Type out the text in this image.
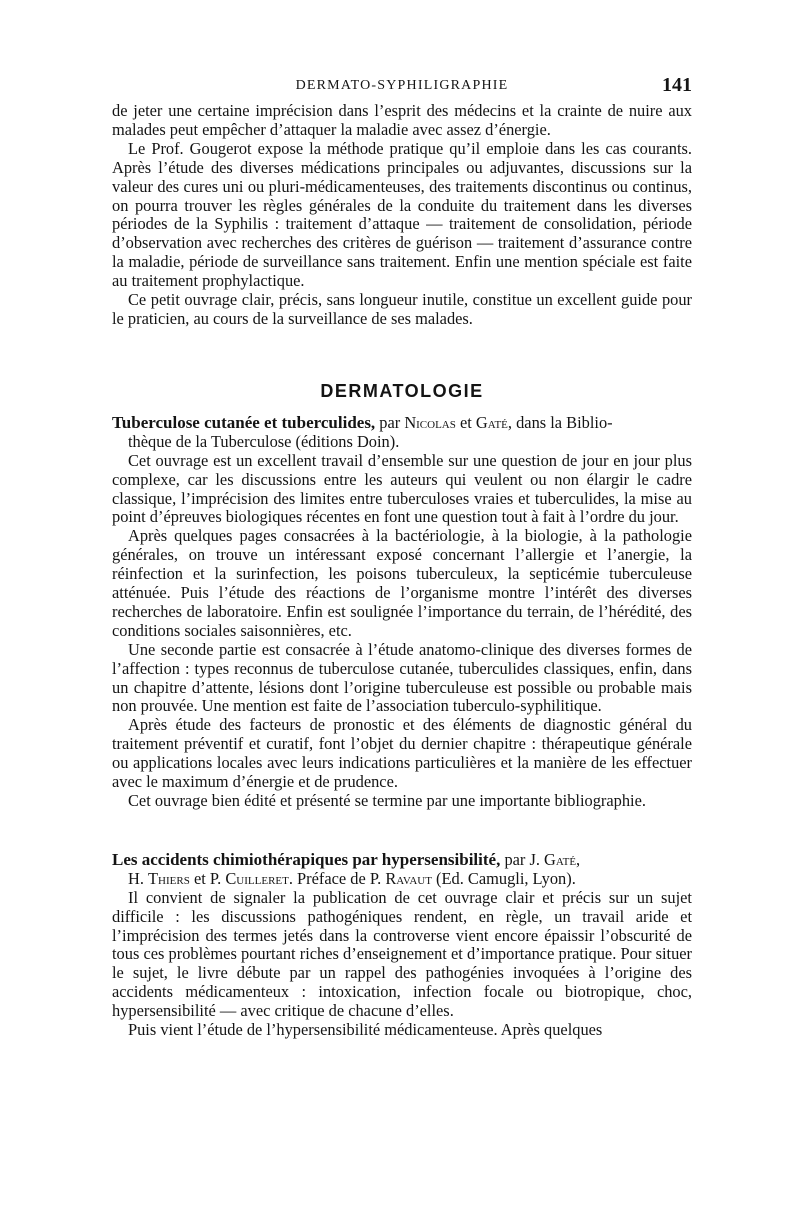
DERMATO-SYPHILIGRAPHIE	141

de jeter une certaine imprécision dans l’esprit des médecins et la crainte de nuire aux malades peut empêcher d’attaquer la maladie avec assez d’énergie.

Le Prof. Gougerot expose la méthode pratique qu’il emploie dans les cas courants. Après l’étude des diverses médications principales ou adjuvantes, discussions sur la valeur des cures uni ou pluri-médicamenteuses, des traitements discontinus ou continus, on pourra trouver les règles générales de la conduite du traitement dans les diverses périodes de la Syphilis : traitement d’attaque — traitement de consolidation, période d’observation avec recherches des critères de guérison — traitement d’assurance contre la maladie, période de surveillance sans traitement. Enfin une mention spéciale est faite au traitement prophylactique.

Ce petit ouvrage clair, précis, sans longueur inutile, constitue un excellent guide pour le praticien, au cours de la surveillance de ses malades.

DERMATOLOGIE

Tuberculose cutanée et tuberculides, par Nicolas et Gaté, dans la Biblio-
thèque de la Tuberculose (éditions Doin).

Cet ouvrage est un excellent travail d’ensemble sur une question de jour en jour plus complexe, car les discussions entre les auteurs qui veulent ou non élargir le cadre classique, l’imprécision des limites entre tuberculoses vraies et tuberculides, la mise au point d’épreuves biologiques récentes en font une question tout à fait à l’ordre du jour.

Après quelques pages consacrées à la bactériologie, à la biologie, à la pathologie générales, on trouve un intéressant exposé concernant l’allergie et l’anergie, la réinfection et la surinfection, les poisons tuberculeux, la septicémie tuberculeuse atténuée. Puis l’étude des réactions de l’organisme montre l’intérêt des diverses recherches de laboratoire. Enfin est soulignée l’importance du terrain, de l’hérédité, des conditions sociales saisonnières, etc.

Une seconde partie est consacrée à l’étude anatomo-clinique des diverses formes de l’affection : types reconnus de tuberculose cutanée, tuberculides classiques, enfin, dans un chapitre d’attente, lésions dont l’origine tuberculeuse est possible ou probable mais non prouvée. Une mention est faite de l’association tuberculo-syphilitique.

Après étude des facteurs de pronostic et des éléments de diagnostic général du traitement préventif et curatif, font l’objet du dernier chapitre : thérapeutique générale ou applications locales avec leurs indications particulières et la manière de les effectuer avec le maximum d’énergie et de prudence.

Cet ouvrage bien édité et présenté se termine par une importante bibliographie.

Les accidents chimiothérapiques par hypersensibilité, par J. Gaté,
H. Thiers et P. Cuilleret. Préface de P. Ravaut (Ed. Camugli, Lyon).

Il convient de signaler la publication de cet ouvrage clair et précis sur un sujet difficile : les discussions pathogéniques rendent, en règle, un travail aride et l’imprécision des termes jetés dans la controverse vient encore épaissir l’obscurité de tous ces problèmes pourtant riches d’enseignement et d’importance pratique. Pour situer le sujet, le livre débute par un rappel des pathogénies invoquées à l’origine des accidents médicamenteux : intoxication, infection focale ou biotropique, choc, hypersensibilité — avec critique de chacune d’elles.

Puis vient l’étude de l’hypersensibilité médicamenteuse. Après quelques
